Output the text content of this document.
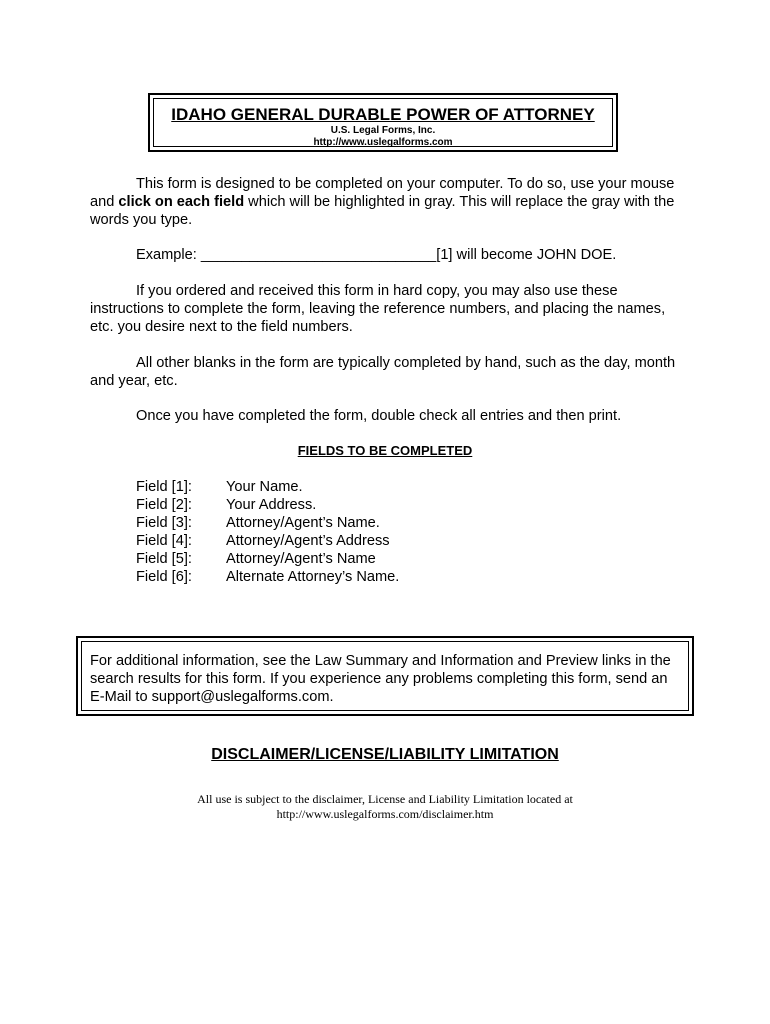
IDAHO GENERAL DURABLE POWER OF ATTORNEY
U.S. Legal Forms, Inc.
http://www.uslegalforms.com
This form is designed to be completed on your computer. To do so, use your mouse and click on each field which will be highlighted in gray. This will replace the gray with the words you type.
Example: _____________________________[1] will become JOHN DOE.
If you ordered and received this form in hard copy, you may also use these instructions to complete the form, leaving the reference numbers, and placing the names, etc. you desire next to the field numbers.
All other blanks in the form are typically completed by hand, such as the day, month and year, etc.
Once you have completed the form, double check all entries and then print.
FIELDS TO BE COMPLETED
Field [1]:	Your Name.
Field [2]:	Your Address.
Field [3]:	Attorney/Agent’s Name.
Field [4]:	Attorney/Agent’s Address
Field [5]:	Attorney/Agent’s Name
Field [6]:	Alternate Attorney’s Name.
For additional information, see the Law Summary and Information and Preview links in the search results for this form. If you experience any problems completing this form, send an E-Mail to support@uslegalforms.com.
DISCLAIMER/LICENSE/LIABILITY LIMITATION
All use is subject to the disclaimer, License and Liability Limitation located at
http://www.uslegalforms.com/disclaimer.htm
